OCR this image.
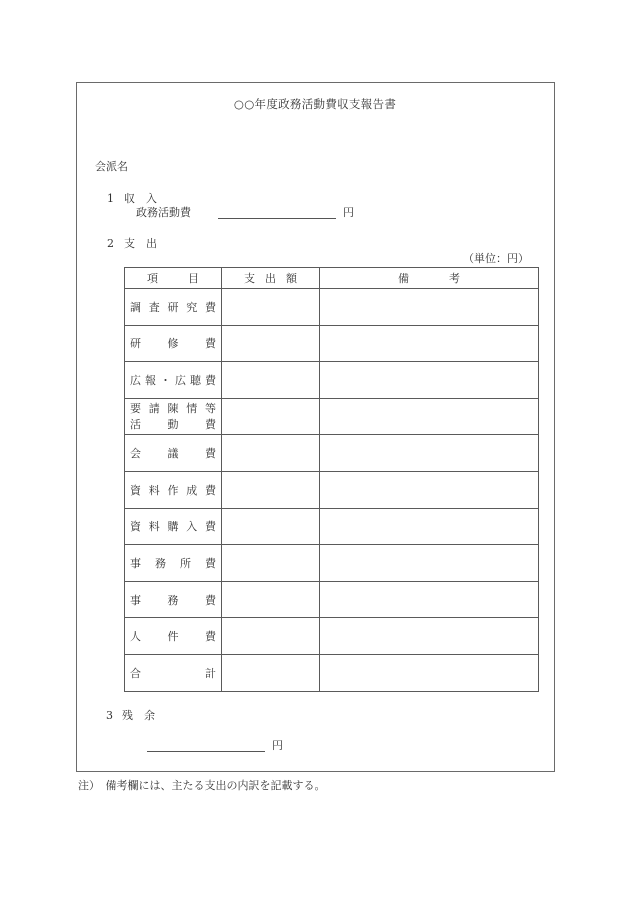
○○年度政務活動費収支報告書
会派名
1 収　入
政務活動費	円
2 支　出
（単位：円）
項 目	支 出 額	備 考

調 査 研 究 費		

研 修 費		

広 報 ・ 広 聴 費

要 請 陳 情 等
活 動 費

会 議 費		

資 料 作 成 費		

資 料 購 入 費		

事 務 所 費		

事 務 費		

人 件 費		

合 計		

3 残　余
円
注）　備考欄には、主たる支出の内訳を記載する。
